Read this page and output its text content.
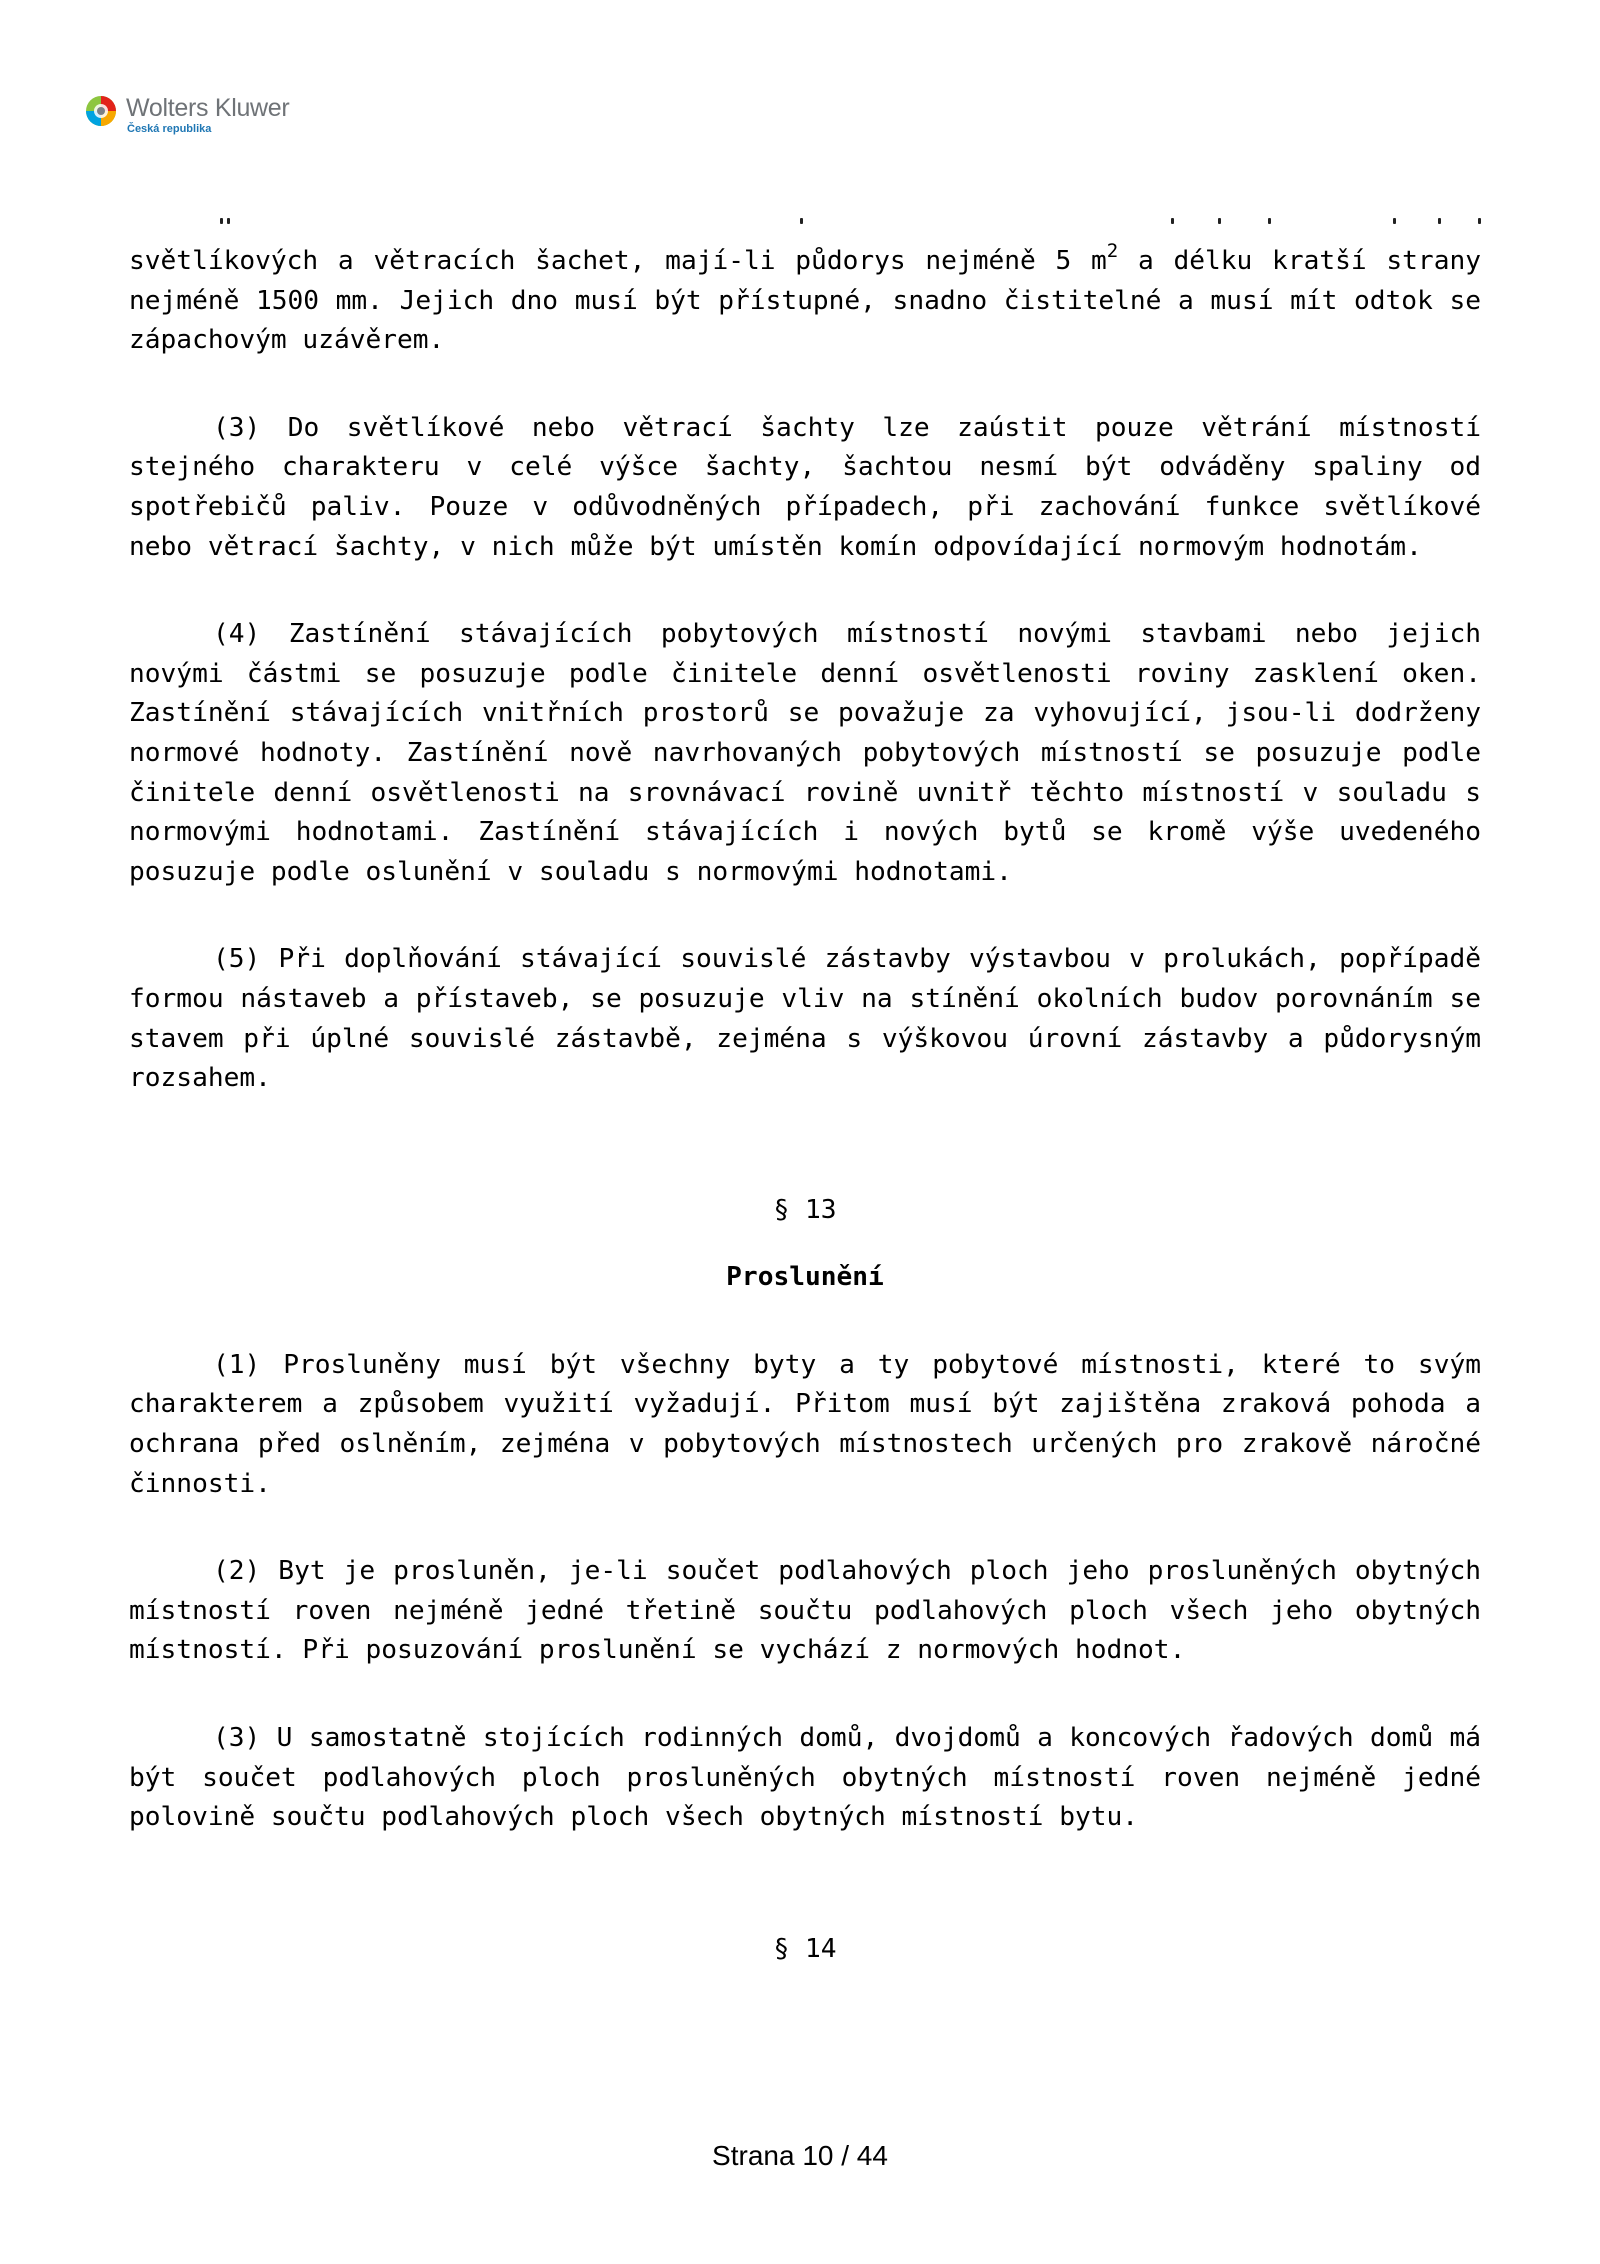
Wolters Kluwer
Česká republika

světlíkových a větracích šachet, mají-li půdorys nejméně 5 $m^2$ a délku kratší strany nejméně 1500 mm. Jejich dno musí být přístupné, snadno čistitelné a musí mít odtok se zápachovým uzávěrem.

(3) Do světlíkové nebo větrací šachty lze zaústit pouze větrání místností stejného charakteru v celé výšce šachty, šachtou nesmí být odváděny spaliny od spotřebičů paliv. Pouze v odůvodněných případech, při zachování funkce světlíkové nebo větrací šachty, v nich může být umístěn komín odpovídající normovým hodnotám.

(4) Zastínění stávajících pobytových místností novými stavbami nebo jejich novými částmi se posuzuje podle činitele denní osvětlenosti roviny zasklení oken. Zastínění stávajících vnitřních prostorů se považuje za vyhovující, jsou-li dodrženy normové hodnoty. Zastínění nově navrhovaných pobytových místností se posuzuje podle činitele denní osvětlenosti na srovnávací rovině uvnitř těchto místností v souladu s normovými hodnotami. Zastínění stávajících i nových bytů se kromě výše uvedeného posuzuje podle oslunění v souladu s normovými hodnotami.

(5) Při doplňování stávající souvislé zástavby výstavbou v prolukách, popřípadě formou nástaveb a přístaveb, se posuzuje vliv na stínění okolních budov porovnáním se stavem při úplné souvislé zástavbě, zejména s výškovou úrovní zástavby a půdorysným rozsahem.

§ 13

Proslunění

(1) Prosluněny musí být všechny byty a ty pobytové místnosti, které to svým charakterem a způsobem využití vyžadují. Přitom musí být zajištěna zraková pohoda a ochrana před oslněním, zejména v pobytových místnostech určených pro zrakově náročné činnosti.

(2) Byt je prosluněn, je-li součet podlahových ploch jeho prosluněných obytných místností roven nejméně jedné třetině součtu podlahových ploch všech jeho obytných místností. Při posuzování proslunění se vychází z normových hodnot.

(3) U samostatně stojících rodinných domů, dvojdomů a koncových řadových domů má být součet podlahových ploch prosluněných obytných místností roven nejméně jedné polovině součtu podlahových ploch všech obytných místností bytu.

§ 14

Strana 10 / 44
